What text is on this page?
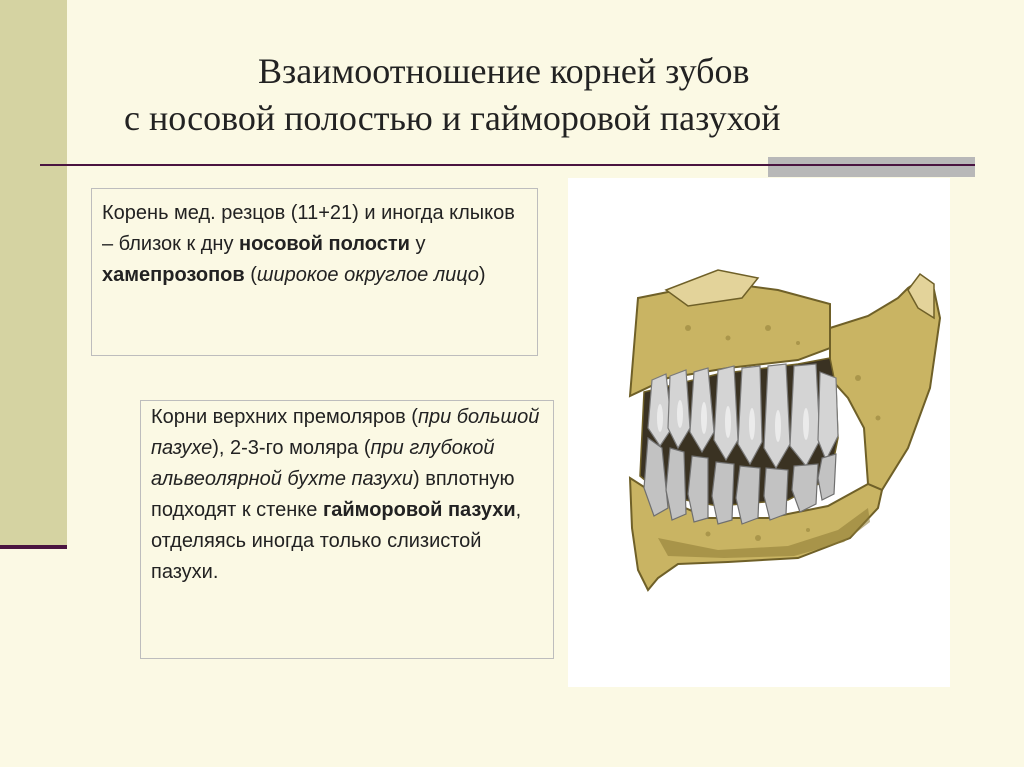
Взаимоотношение корней зубов
с носовой полостью и гайморовой пазухой
Корень мед. резцов (11+21) и иногда клыков – близок к дну носовой полости у хамепрозопов (широкое округлое лицо)
Корни верхних премоляров (при большой пазухе), 2-3-го моляра (при глубокой альвеолярной бухте пазухи) вплотную подходят к стенке гайморовой пазухи, отделяясь иногда только слизистой пазухи.
